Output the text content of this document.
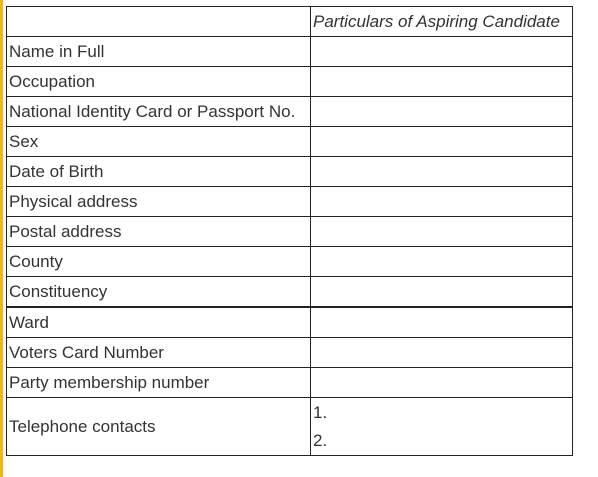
	Particulars of Aspiring Candidate
Name in Full	
Occupation	
National Identity Card or Passport No.	
Sex	
Date of Birth	
Physical address	
Postal address	
County	
Constituency	
Ward	
Voters Card Number	
Party membership number	
Telephone contacts	1.
2.
